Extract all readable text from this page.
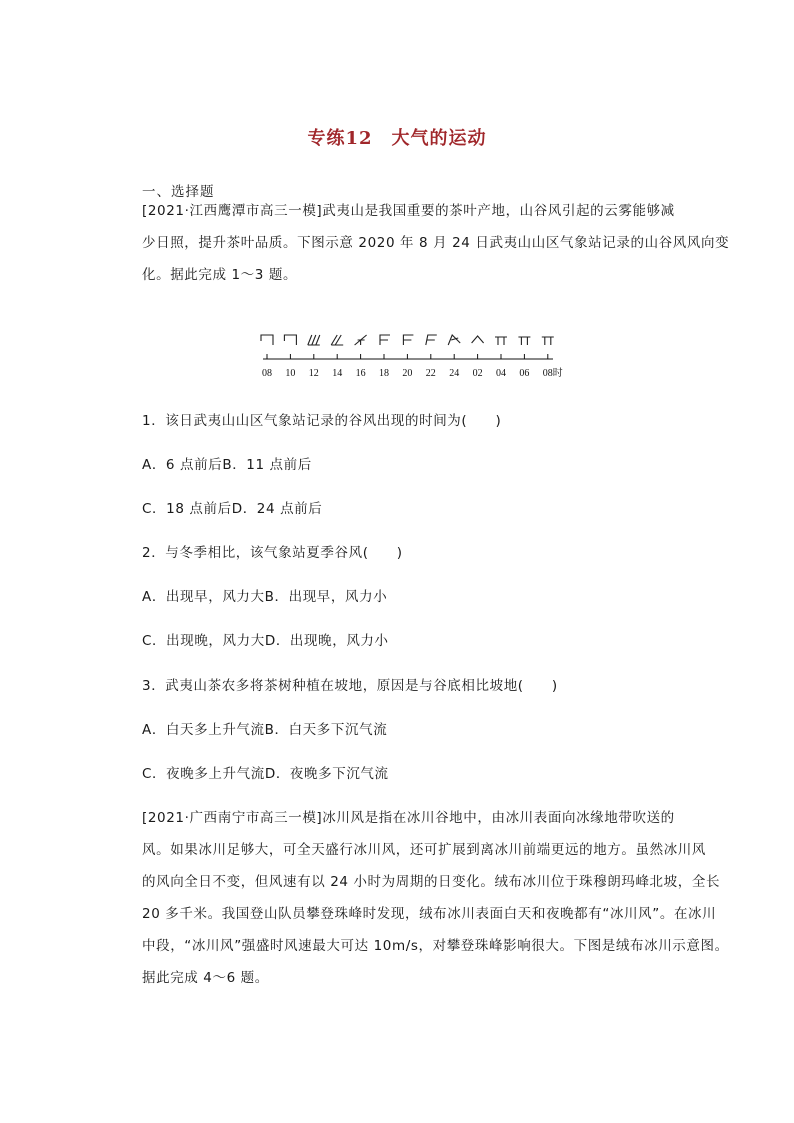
专练12　大气的运动
一、选择题
[2021·江西鹰潭市高三一模]武夷山是我国重要的茶叶产地，山谷风引起的云雾能够减
少日照，提升茶叶品质。下图示意 2020 年 8 月 24 日武夷山山区气象站记录的山谷风风向变
化。据此完成 1～3 题。
08 10 12 14 16 18 20 22 24 02 04 06 08时
1．该日武夷山山区气象站记录的谷风出现的时间为(　　)
A．6 点前后B．11 点前后
C．18 点前后D．24 点前后
2．与冬季相比，该气象站夏季谷风(　　)
A．出现早，风力大B．出现早，风力小
C．出现晚，风力大D．出现晚，风力小
3．武夷山茶农多将茶树种植在坡地，原因是与谷底相比坡地(　　)
A．白天多上升气流B．白天多下沉气流
C．夜晚多上升气流D．夜晚多下沉气流
[2021·广西南宁市高三一模]冰川风是指在冰川谷地中，由冰川表面向冰缘地带吹送的
风。如果冰川足够大，可全天盛行冰川风，还可扩展到离冰川前端更远的地方。虽然冰川风
的风向全日不变，但风速有以 24 小时为周期的日变化。绒布冰川位于珠穆朗玛峰北坡，全长
20 多千米。我国登山队员攀登珠峰时发现，绒布冰川表面白天和夜晚都有“冰川风”。在冰川
中段，“冰川风”强盛时风速最大可达 10m/s，对攀登珠峰影响很大。下图是绒布冰川示意图。
据此完成 4～6 题。
